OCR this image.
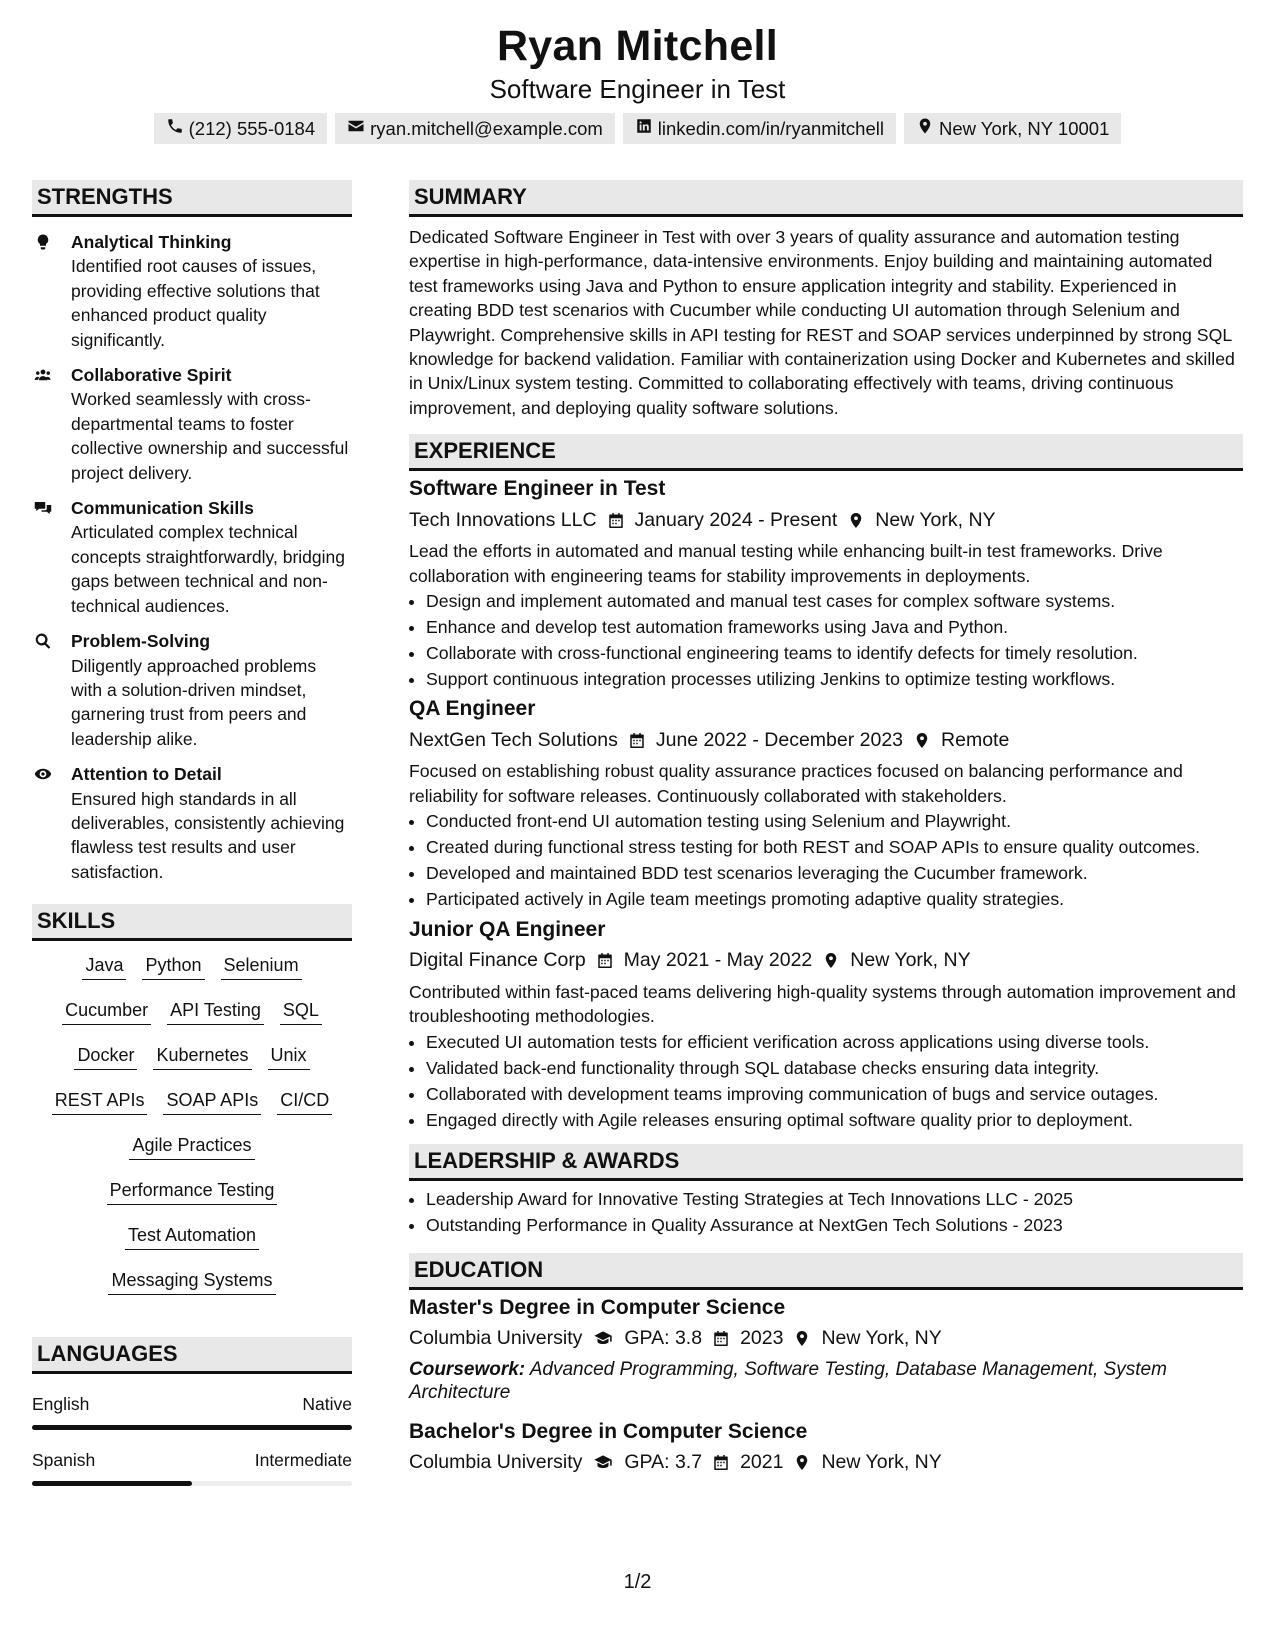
Ryan Mitchell
Software Engineer in Test
(212) 555-0184	ryan.mitchell@example.com	linkedin.com/in/ryanmitchell	New York, NY 10001
STRENGTHS
Analytical Thinking
Identified root causes of issues, providing effective solutions that enhanced product quality significantly.
Collaborative Spirit
Worked seamlessly with cross-departmental teams to foster collective ownership and successful project delivery.
Communication Skills
Articulated complex technical concepts straightforwardly, bridging gaps between technical and non-technical audiences.
Problem-Solving
Diligently approached problems with a solution-driven mindset, garnering trust from peers and leadership alike.
Attention to Detail
Ensured high standards in all deliverables, consistently achieving flawless test results and user satisfaction.
SKILLS
Java Python Selenium
Cucumber API Testing SQL
Docker Kubernetes Unix
REST APIs SOAP APIs CI/CD
Agile Practices
Performance Testing
Test Automation
Messaging Systems
LANGUAGES
English	Native
Spanish	Intermediate
SUMMARY
Dedicated Software Engineer in Test with over 3 years of quality assurance and automation testing expertise in high-performance, data-intensive environments. Enjoy building and maintaining automated test frameworks using Java and Python to ensure application integrity and stability. Experienced in creating BDD test scenarios with Cucumber while conducting UI automation through Selenium and Playwright. Comprehensive skills in API testing for REST and SOAP services underpinned by strong SQL knowledge for backend validation. Familiar with containerization using Docker and Kubernetes and skilled in Unix/Linux system testing. Committed to collaborating effectively with teams, driving continuous improvement, and deploying quality software solutions.
EXPERIENCE
Software Engineer in Test
Tech Innovations LLC January 2024 - Present New York, NY
Lead the efforts in automated and manual testing while enhancing built-in test frameworks. Drive collaboration with engineering teams for stability improvements in deployments.
• Design and implement automated and manual test cases for complex software systems.
• Enhance and develop test automation frameworks using Java and Python.
• Collaborate with cross-functional engineering teams to identify defects for timely resolution.
• Support continuous integration processes utilizing Jenkins to optimize testing workflows.
QA Engineer
NextGen Tech Solutions June 2022 - December 2023 Remote
Focused on establishing robust quality assurance practices focused on balancing performance and reliability for software releases. Continuously collaborated with stakeholders.
• Conducted front-end UI automation testing using Selenium and Playwright.
• Created during functional stress testing for both REST and SOAP APIs to ensure quality outcomes.
• Developed and maintained BDD test scenarios leveraging the Cucumber framework.
• Participated actively in Agile team meetings promoting adaptive quality strategies.
Junior QA Engineer
Digital Finance Corp May 2021 - May 2022 New York, NY
Contributed within fast-paced teams delivering high-quality systems through automation improvement and troubleshooting methodologies.
• Executed UI automation tests for efficient verification across applications using diverse tools.
• Validated back-end functionality through SQL database checks ensuring data integrity.
• Collaborated with development teams improving communication of bugs and service outages.
• Engaged directly with Agile releases ensuring optimal software quality prior to deployment.
LEADERSHIP & AWARDS
• Leadership Award for Innovative Testing Strategies at Tech Innovations LLC - 2025
• Outstanding Performance in Quality Assurance at NextGen Tech Solutions - 2023
EDUCATION
Master's Degree in Computer Science
Columbia University GPA: 3.8 2023 New York, NY
Coursework: Advanced Programming, Software Testing, Database Management, System Architecture
Bachelor's Degree in Computer Science
Columbia University GPA: 3.7 2021 New York, NY
1/2
